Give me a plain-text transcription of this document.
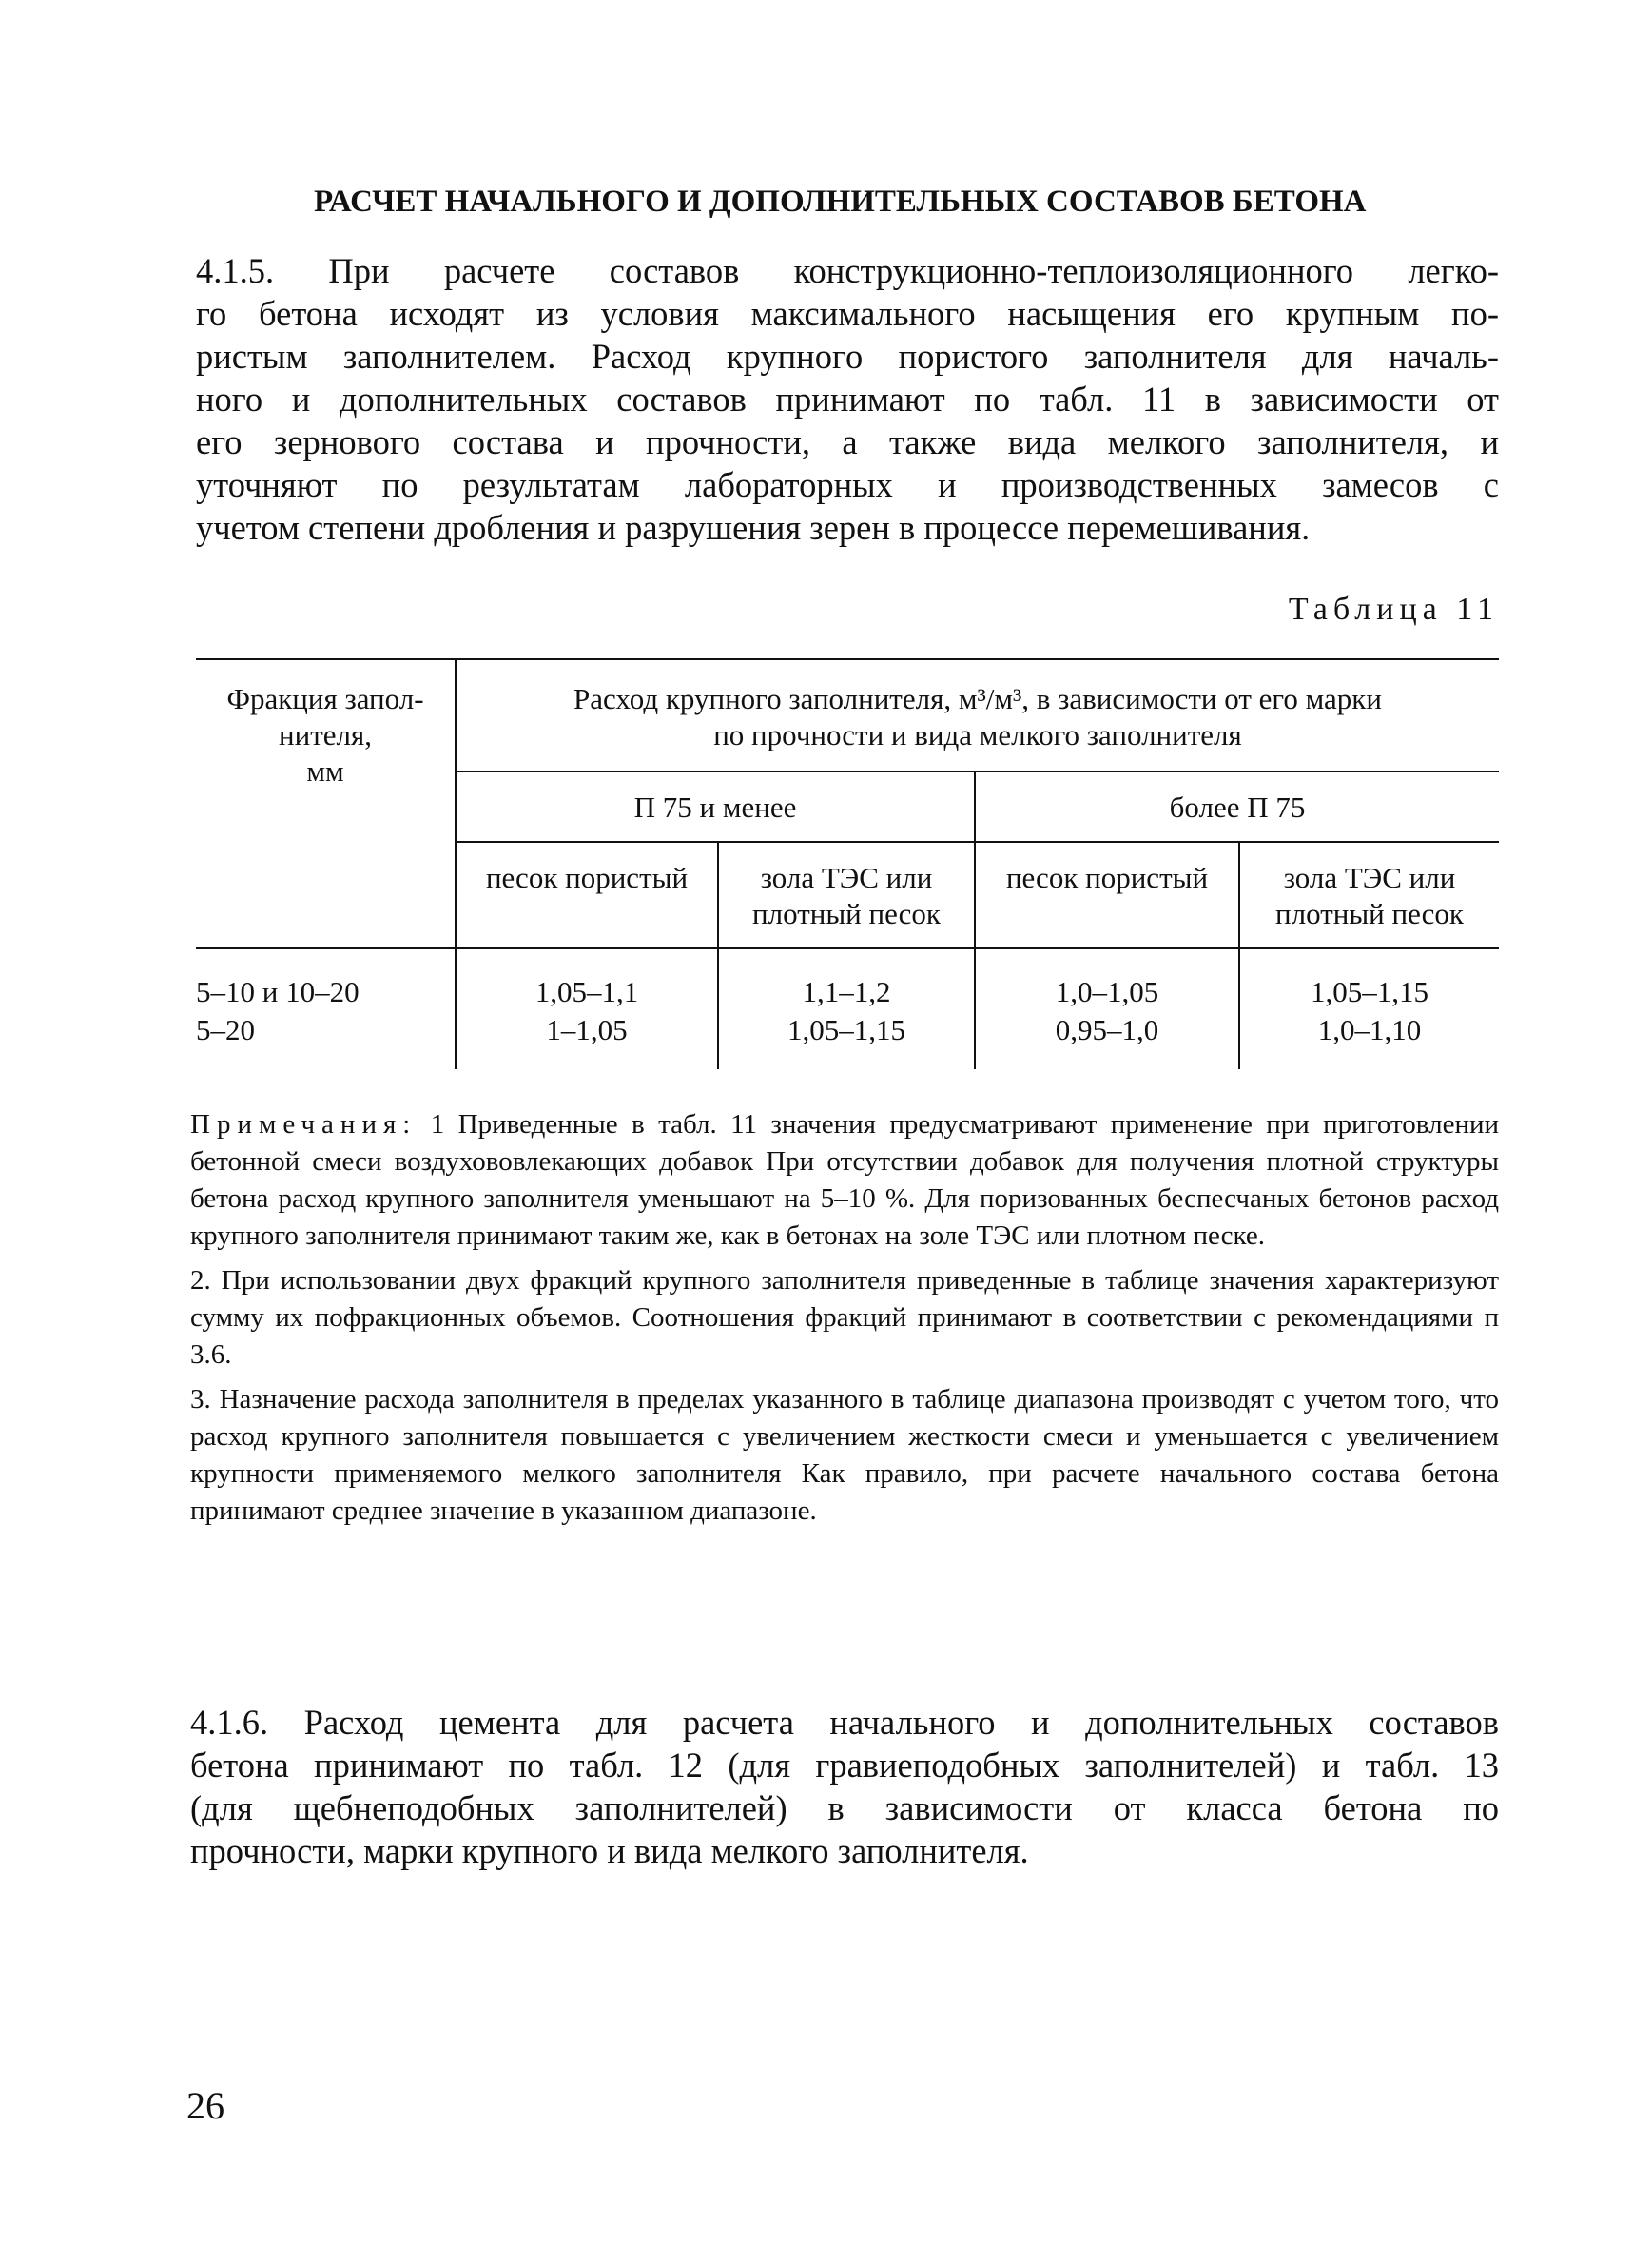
РАСЧЕТ НАЧАЛЬНОГО И ДОПОЛНИТЕЛЬНЫХ СОСТАВОВ БЕТОНА

4.1.5. При расчете составов конструкционно-теплоизоляционного легко-
го бетона исходят из условия максимального насыщения его крупным по-
ристым заполнителем. Расход крупного пористого заполнителя для началь-
ного и дополнительных составов принимают по табл. 11 в зависимости от
его зернового состава и прочности, а также вида мелкого заполнителя, и
уточняют по результатам лабораторных и производственных замесов с
учетом степени дробления и разрушения зерен в процессе перемешивания.

Таблица 11

Фракция запол-
нителя,
мм
Расход крупного заполнителя, м³/м³, в зависимости от его марки
по прочности и вида мелкого заполнителя
П 75 и менее	более П 75
песок пористый	зола ТЭС или
плотный песок
песок пористый	зола ТЭС или
плотный песок
5–10 и 10–20	1,05–1,1	1,1–1,2	1,0–1,05	1,05–1,15
5–20	1–1,05	1,05–1,15	0,95–1,0	1,0–1,10

Примечания: 1 Приведенные в табл. 11 значения предусматривают применение при приготовлении бетонной смеси воздухововлекающих добавок При отсутствии добавок для получения плотной структуры бетона расход крупного заполнителя уменьшают на 5–10 %. Для поризованных беспесчаных бетонов расход крупного заполнителя принимают таким же, как в бетонах на золе ТЭС или плотном песке.

2. При использовании двух фракций крупного заполнителя приведенные в таблице значения характеризуют сумму их пофракционных объемов. Соотношения фракций принимают в соответствии с рекомендациями п 3.6.

3. Назначение расхода заполнителя в пределах указанного в таблице диапазона производят с учетом того, что расход крупного заполнителя повышается с увеличением жесткости смеси и уменьшается с увеличением крупности применяемого мелкого заполнителя Как правило, при расчете начального состава бетона принимают среднее значение в указанном диапазоне.

4.1.6. Расход цемента для расчета начального и дополнительных составов
бетона принимают по табл. 12 (для гравиеподобных заполнителей) и табл. 13
(для щебнеподобных заполнителей) в зависимости от класса бетона по
прочности, марки крупного и вида мелкого заполнителя.

26
